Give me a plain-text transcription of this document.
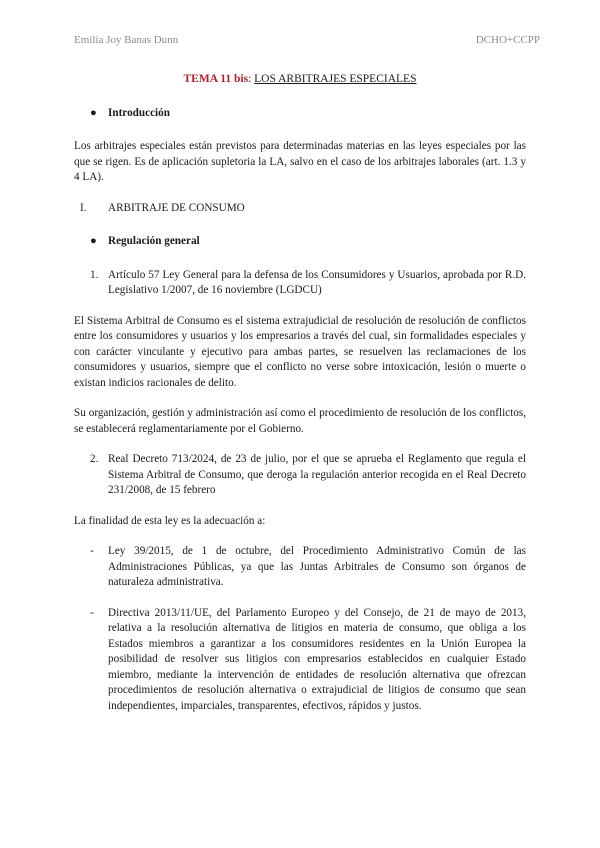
Emilia Joy Banas Dunn	DCHO+CCPP
TEMA 11 bis: LOS ARBITRAJES ESPECIALES
● Introducción

Los arbitrajes especiales están previstos para determinadas materias en las leyes especiales por las que se rigen. Es de aplicación supletoria la LA, salvo en el caso de los arbitrajes laborales (art. 1.3 y 4 LA).

I.	ARBITRAJE DE CONSUMO
● Regulación general
1. Artículo 57 Ley General para la defensa de los Consumidores y Usuarios, aprobada por R.D. Legislativo 1/2007, de 16 noviembre (LGDCU)

El Sistema Arbitral de Consumo es el sistema extrajudicial de resolución de resolución de conflictos entre los consumidores y usuarios y los empresarios a través del cual, sin formalidades especiales y con carácter vinculante y ejecutivo para ambas partes, se resuelven las reclamaciones de los consumidores y usuarios, siempre que el conflicto no verse sobre intoxicación, lesión o muerte o existan indicios racionales de delito.

Su organización, gestión y administración así como el procedimiento de resolución de los conflictos, se establecerá reglamentariamente por el Gobierno.

2. Real Decreto 713/2024, de 23 de julio, por el que se aprueba el Reglamento que regula el Sistema Arbitral de Consumo, que deroga la regulación anterior recogida en el Real Decreto 231/2008, de 15 febrero

La finalidad de esta ley es la adecuación a:

-	Ley 39/2015, de 1 de octubre, del Procedimiento Administrativo Común de las Administraciones Públicas, ya que las Juntas Arbitrales de Consumo son órganos de naturaleza administrativa.
-	Directiva 2013/11/UE, del Parlamento Europeo y del Consejo, de 21 de mayo de 2013, relativa a la resolución alternativa de litigios en materia de consumo, que obliga a los Estados miembros a garantizar a los consumidores residentes en la Unión Europea la posibilidad de resolver sus litigios con empresarios establecidos en cualquier Estado miembro, mediante la intervención de entidades de resolución alternativa que ofrezcan procedimientos de resolución alternativa o extrajudicial de litigios de consumo que sean independientes, imparciales, transparentes, efectivos, rápidos y justos.
